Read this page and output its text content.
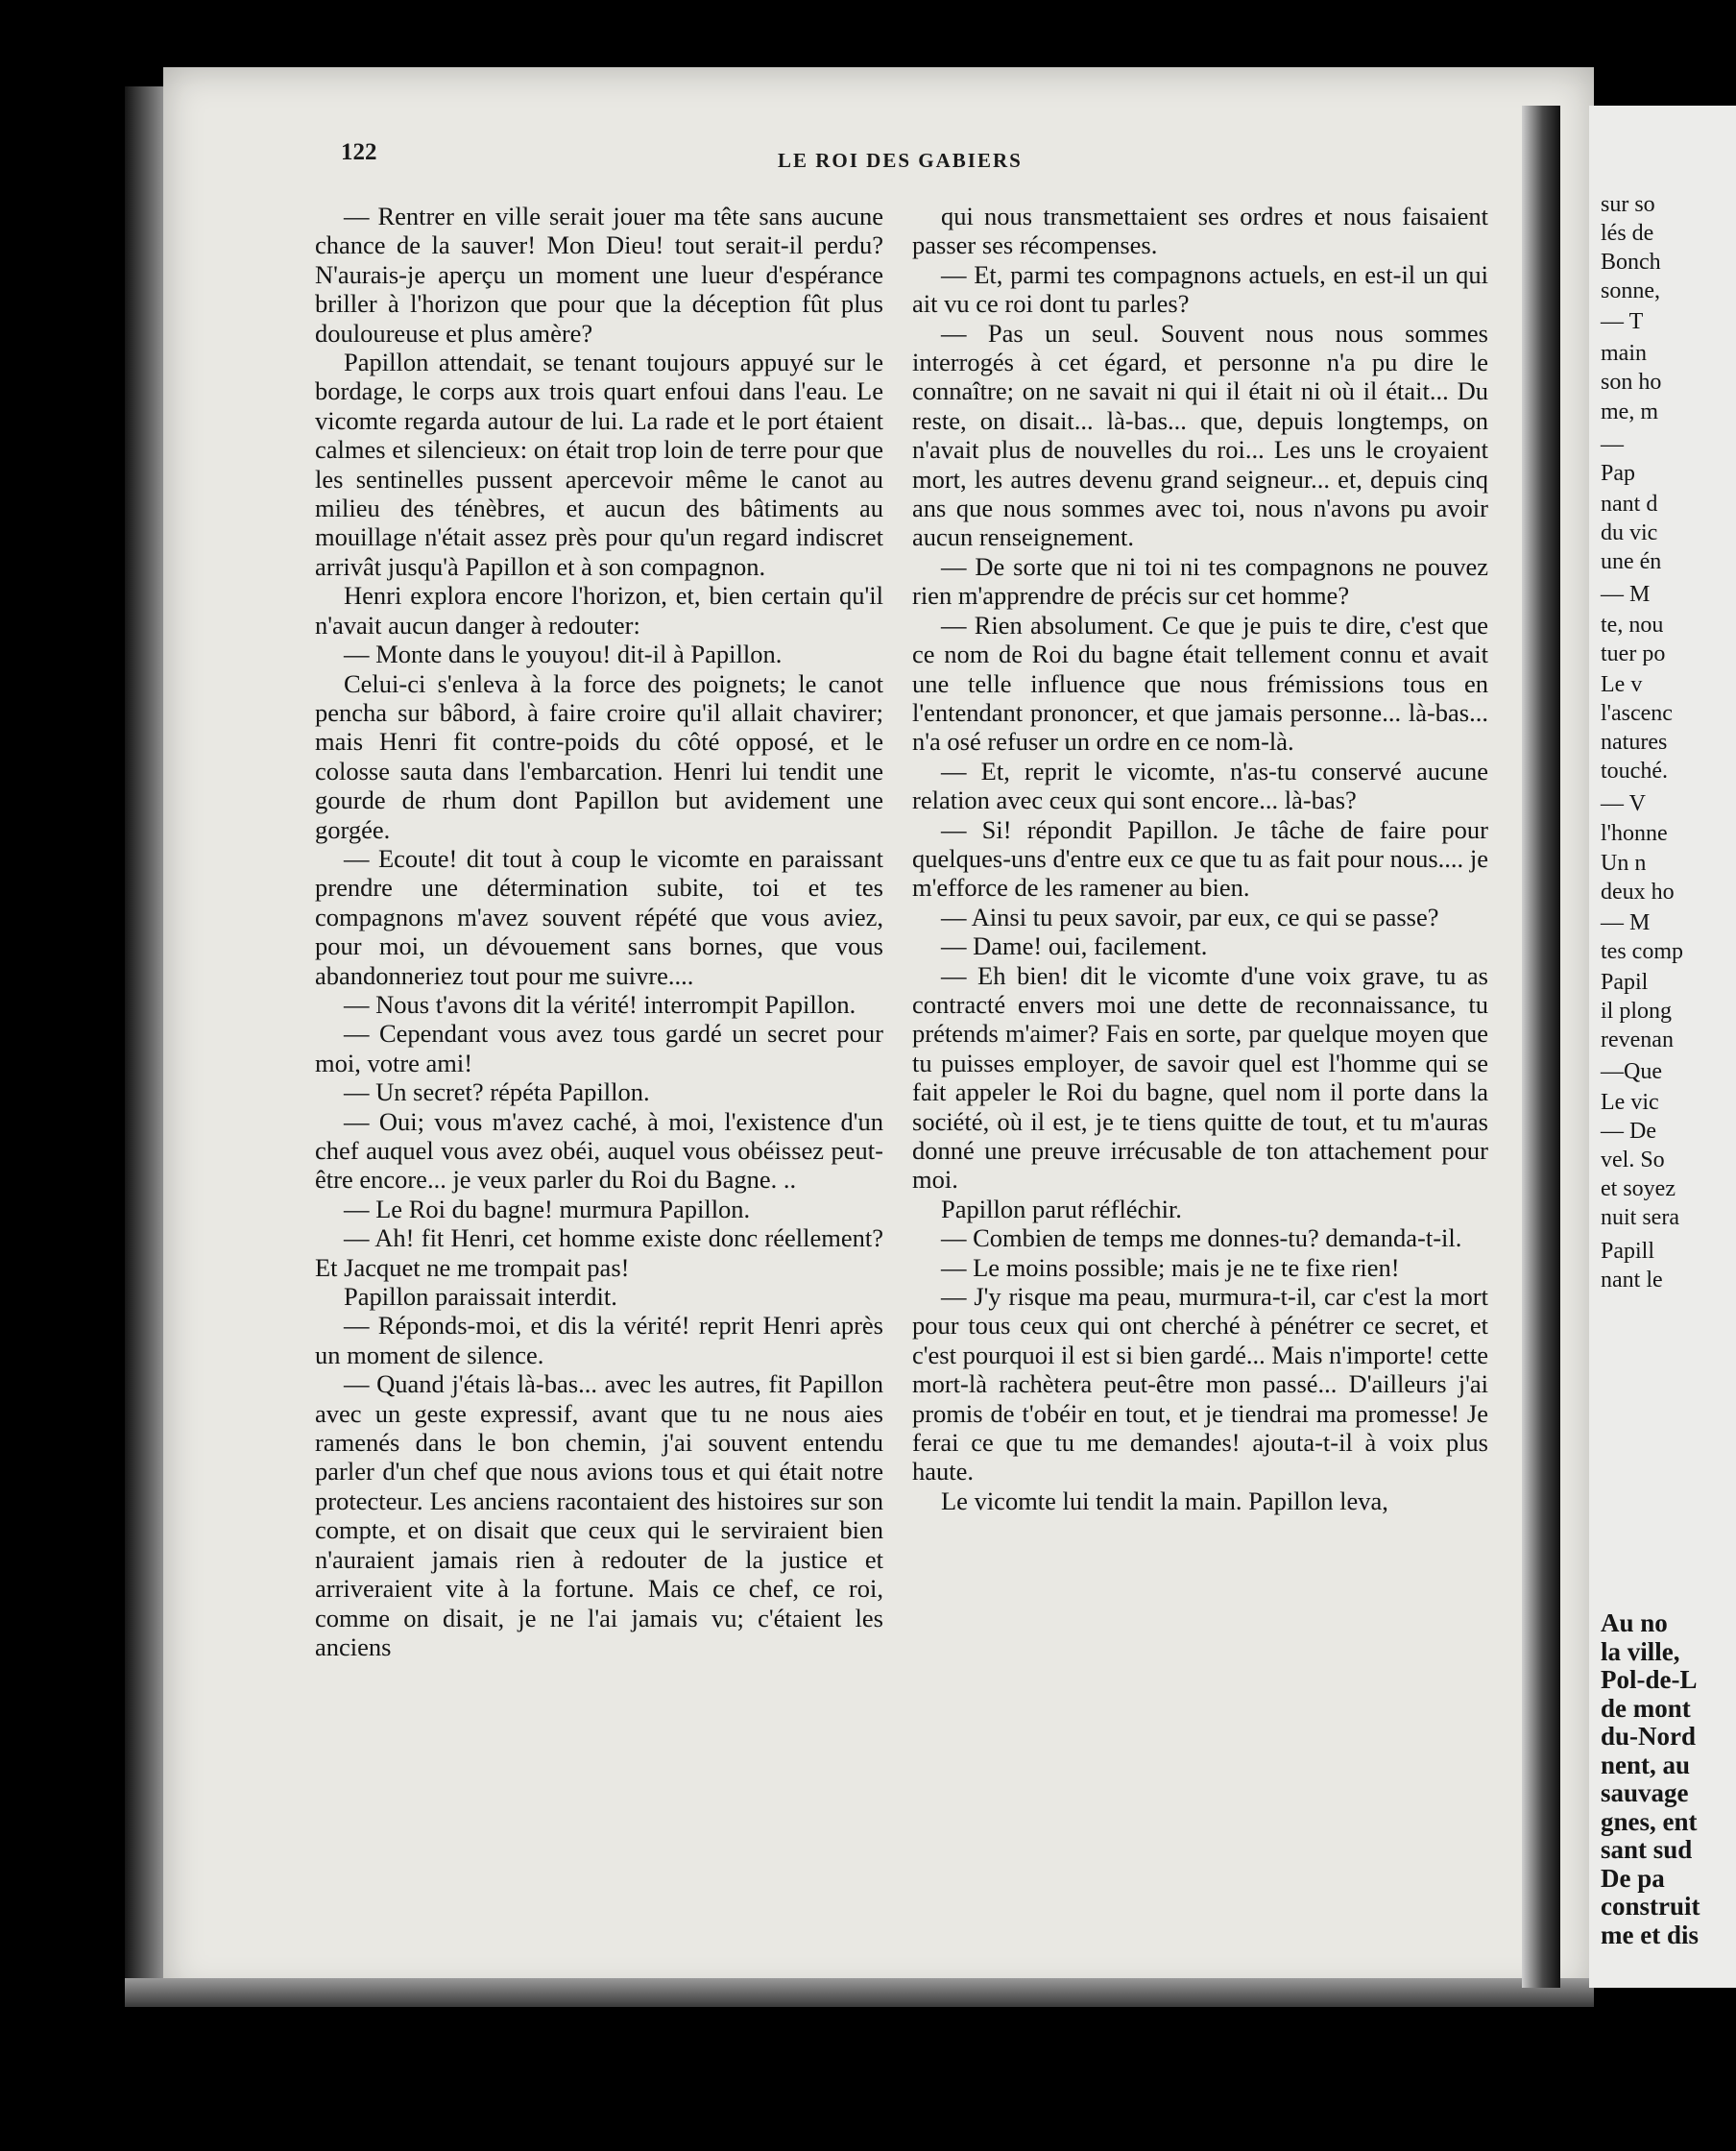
122	LE ROI DES GABIERS

— Rentrer en ville serait jouer ma tête sans aucune chance de la sauver! Mon Dieu! tout serait-il perdu? N'aurais-je aperçu un moment une lueur d'espérance briller à l'horizon que pour que la déception fût plus douloureuse et plus amère?

Papillon attendait, se tenant toujours appuyé sur le bordage, le corps aux trois quart enfoui dans l'eau. Le vicomte regarda autour de lui. La rade et le port étaient calmes et silencieux: on était trop loin de terre pour que les sentinelles pussent apercevoir même le canot au milieu des ténèbres, et aucun des bâtiments au mouillage n'était assez près pour qu'un regard indiscret arrivât jusqu'à Papillon et à son compagnon.

Henri explora encore l'horizon, et, bien certain qu'il n'avait aucun danger à redouter:

— Monte dans le youyou! dit-il à Papillon.

Celui-ci s'enleva à la force des poignets; le canot pencha sur bâbord, à faire croire qu'il allait chavirer; mais Henri fit contre-poids du côté opposé, et le colosse sauta dans l'embarcation. Henri lui tendit une gourde de rhum dont Papillon but avidement une gorgée.

— Ecoute! dit tout à coup le vicomte en paraissant prendre une détermination subite, toi et tes compagnons m'avez souvent répété que vous aviez, pour moi, un dévouement sans bornes, que vous abandonneriez tout pour me suivre....

— Nous t'avons dit la vérité! interrompit Papillon.

— Cependant vous avez tous gardé un secret pour moi, votre ami!

— Un secret? répéta Papillon.

— Oui; vous m'avez caché, à moi, l'existence d'un chef auquel vous avez obéi, auquel vous obéissez peut-être encore... je veux parler du Roi du Bagne. ..

— Le Roi du bagne! murmura Papillon.

— Ah! fit Henri, cet homme existe donc réellement? Et Jacquet ne me trompait pas!

Papillon paraissait interdit.

— Réponds-moi, et dis la vérité! reprit Henri après un moment de silence.

— Quand j'étais là-bas... avec les autres, fit Papillon avec un geste expressif, avant que tu ne nous aies ramenés dans le bon chemin, j'ai souvent entendu parler d'un chef que nous avions tous et qui était notre protecteur. Les anciens racontaient des histoires sur son compte, et on disait que ceux qui le serviraient bien n'auraient jamais rien à redouter de la justice et arriveraient vite à la fortune. Mais ce chef, ce roi, comme on disait, je ne l'ai jamais vu; c'étaient les anciens

qui nous transmettaient ses ordres et nous faisaient passer ses récompenses.

— Et, parmi tes compagnons actuels, en est-il un qui ait vu ce roi dont tu parles?

— Pas un seul. Souvent nous nous sommes interrogés à cet égard, et personne n'a pu dire le connaître; on ne savait ni qui il était ni où il était... Du reste, on disait... là-bas... que, depuis longtemps, on n'avait plus de nouvelles du roi... Les uns le croyaient mort, les autres devenu grand seigneur... et, depuis cinq ans que nous sommes avec toi, nous n'avons pu avoir aucun renseignement.

— De sorte que ni toi ni tes compagnons ne pouvez rien m'apprendre de précis sur cet homme?

— Rien absolument. Ce que je puis te dire, c'est que ce nom de Roi du bagne était tellement connu et avait une telle influence que nous frémissions tous en l'entendant prononcer, et que jamais personne... là-bas... n'a osé refuser un ordre en ce nom-là.

— Et, reprit le vicomte, n'as-tu conservé aucune relation avec ceux qui sont encore... là-bas?

— Si! répondit Papillon. Je tâche de faire pour quelques-uns d'entre eux ce que tu as fait pour nous.... je m'efforce de les ramener au bien.

— Ainsi tu peux savoir, par eux, ce qui se passe?

— Dame! oui, facilement.

— Eh bien! dit le vicomte d'une voix grave, tu as contracté envers moi une dette de reconnaissance, tu prétends m'aimer? Fais en sorte, par quelque moyen que tu puisses employer, de savoir quel est l'homme qui se fait appeler le Roi du bagne, quel nom il porte dans la société, où il est, je te tiens quitte de tout, et tu m'auras donné une preuve irrécusable de ton attachement pour moi.

Papillon parut réfléchir.

— Combien de temps me donnes-tu? demanda-t-il.

— Le moins possible; mais je ne te fixe rien!

— J'y risque ma peau, murmura-t-il, car c'est la mort pour tous ceux qui ont cherché à pénétrer ce secret, et c'est pourquoi il est si bien gardé... Mais n'importe! cette mort-là rachètera peut-être mon passé... D'ailleurs j'ai promis de t'obéir en tout, et je tiendrai ma promesse! Je ferai ce que tu me demandes! ajouta-t-il à voix plus haute.

Le vicomte lui tendit la main. Papillon leva,

sur so
lés de
Bonch
sonne,
— T
main
son ho
me, m
—
Pap
nant d
du vic
une én
— M
te, nou
tuer po
Le v
l'ascenc
natures
touché.
— V
l'honne
Un n
deux ho
— M
tes comp
Papil
il plong
revenan
—Que
Le vic
— De
vel. So
et soyez
nuit sera
Papill
nant le
Au no
la ville,
Pol-de-L
de mont
du-Nord
nent, au
sauvage
gnes, ent
sant sud
De pa
construit
me et dis
